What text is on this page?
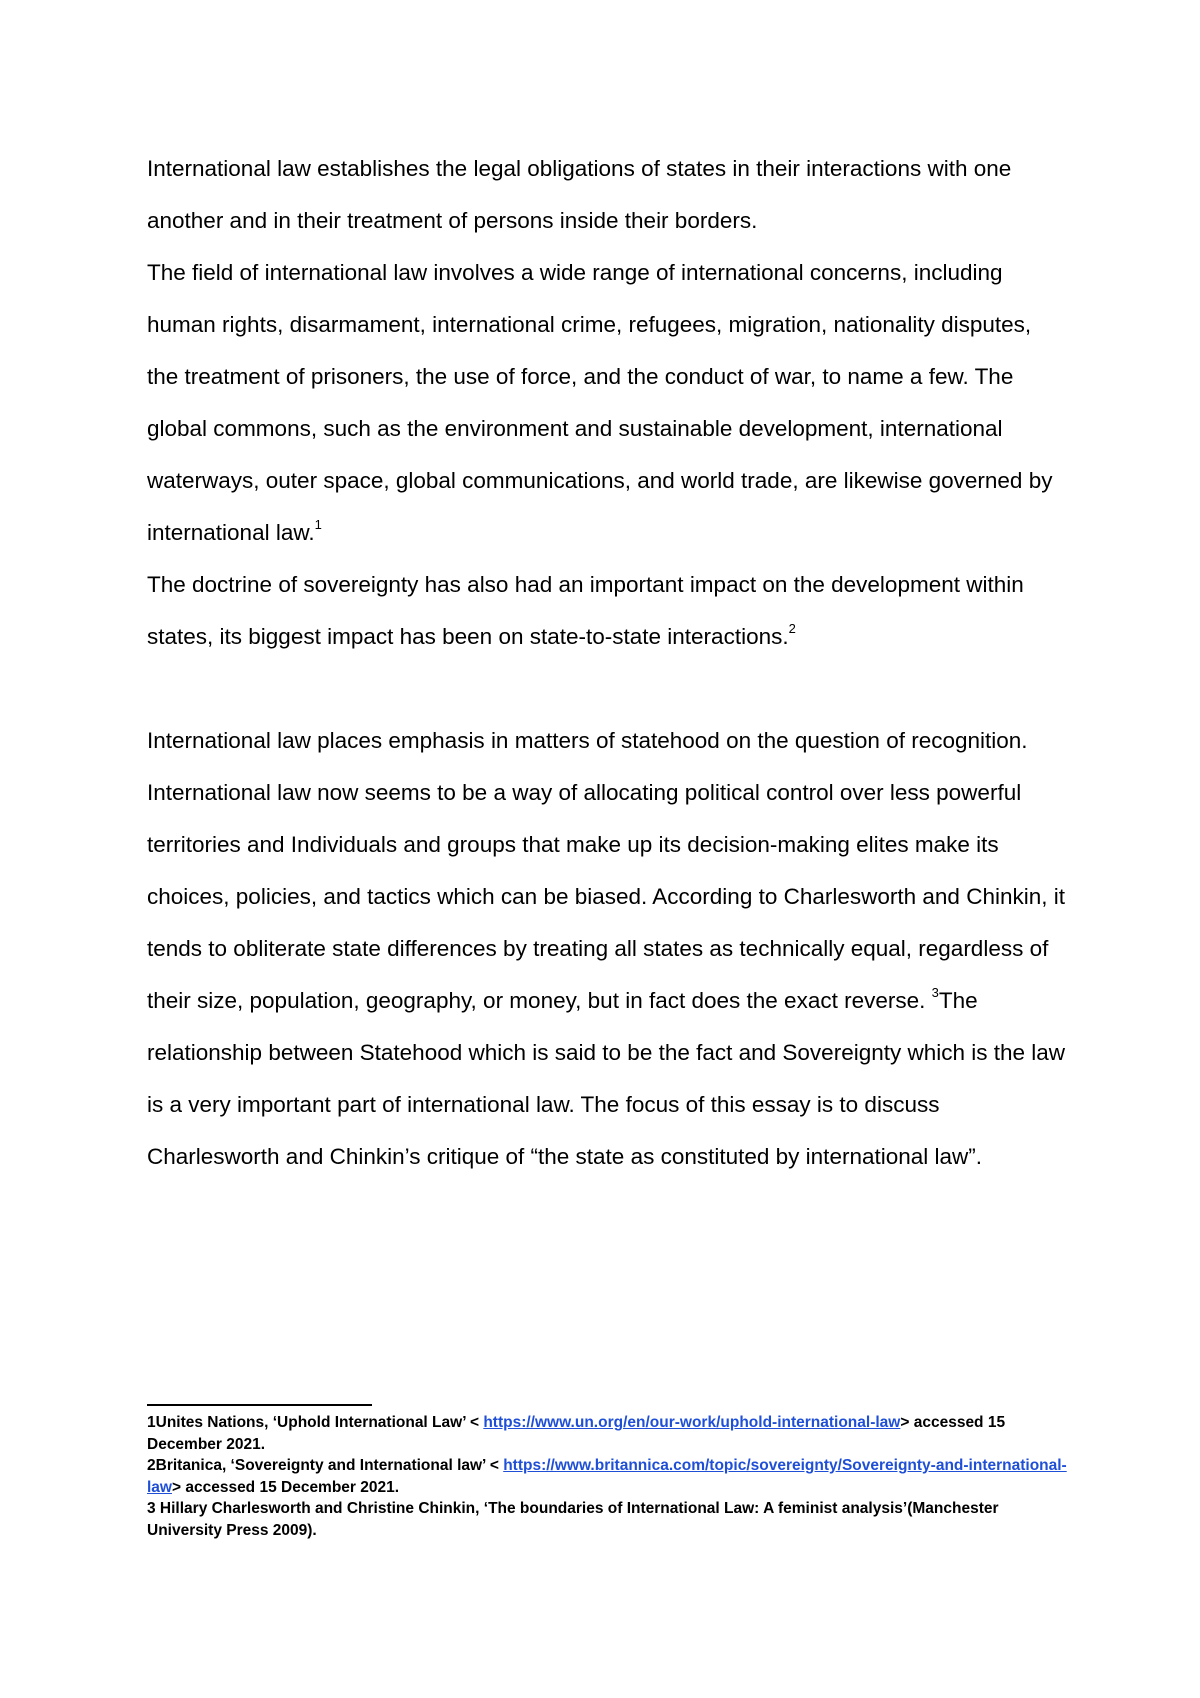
International law establishes the legal obligations of states in their interactions with one another and in their treatment of persons inside their borders.
The field of international law involves a wide range of international concerns, including human rights, disarmament, international crime, refugees, migration, nationality disputes, the treatment of prisoners, the use of force, and the conduct of war, to name a few. The global commons, such as the environment and sustainable development, international waterways, outer space, global communications, and world trade, are likewise governed by international law.$^1$
The doctrine of sovereignty has also had an important impact on the development within states, its biggest impact has been on state-to-state interactions.$^2$

International law places emphasis in matters of statehood on the question of recognition. International law now seems to be a way of allocating political control over less powerful territories and Individuals and groups that make up its decision-making elites make its choices, policies, and tactics which can be biased. According to Charlesworth and Chinkin, it tends to obliterate state differences by treating all states as technically equal, regardless of their size, population, geography, or money, but in fact does the exact reverse. $^3$The relationship between Statehood which is said to be the fact and Sovereignty which is the law is a very important part of international law. The focus of this essay is to discuss Charlesworth and Chinkin’s critique of “the state as constituted by international law”.

1Unites Nations, ‘Uphold International Law’ < https://www.un.org/en/our-work/uphold-international-law> accessed 15 December 2021.

2Britanica, ‘Sovereignty and International law’ < https://www.britannica.com/topic/sovereignty/Sovereignty-and-international-law> accessed 15 December 2021.

3 Hillary Charlesworth and Christine Chinkin, ‘The boundaries of International Law: A feminist analysis’(Manchester University Press 2009).
